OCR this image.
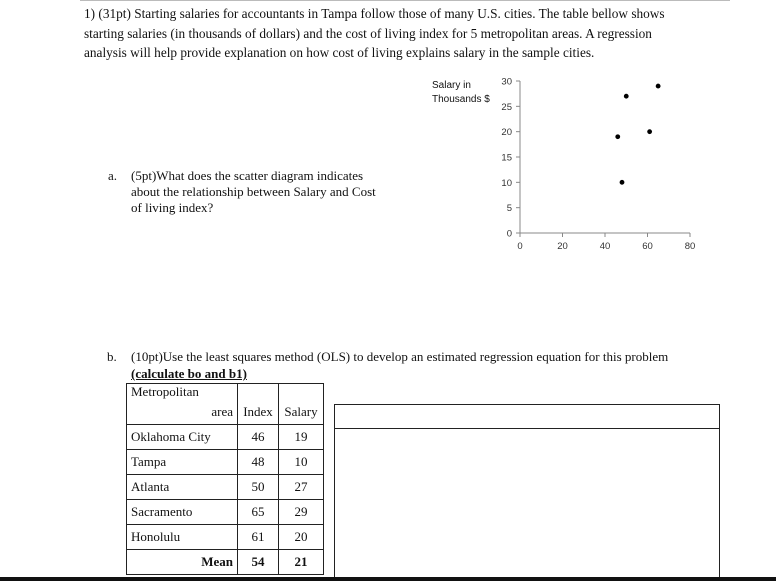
1) (31pt) Starting salaries for accountants in Tampa follow those of many U.S. cities. The table bellow shows
starting salaries (in thousands of dollars) and the cost of living index for 5 metropolitan areas. A regression
analysis will help provide explanation on how cost of living explains salary in the sample cities.
Salary in
Thousands $
0
5
10
15
20
25
30
0	20	40	60	80
a. (5pt)What does the scatter diagram indicates
about the relationship between Salary and Cost
of living index?
b. (10pt)Use the least squares method (OLS) to develop an estimated regression equation for this problem
(calculate bo and b1)
Metropolitan		
area	Index	Salary
Oklahoma City	46	19
Tampa	48	10
Atlanta	50	27
Sacramento	65	29
Honolulu	61	20
Mean	54	21
